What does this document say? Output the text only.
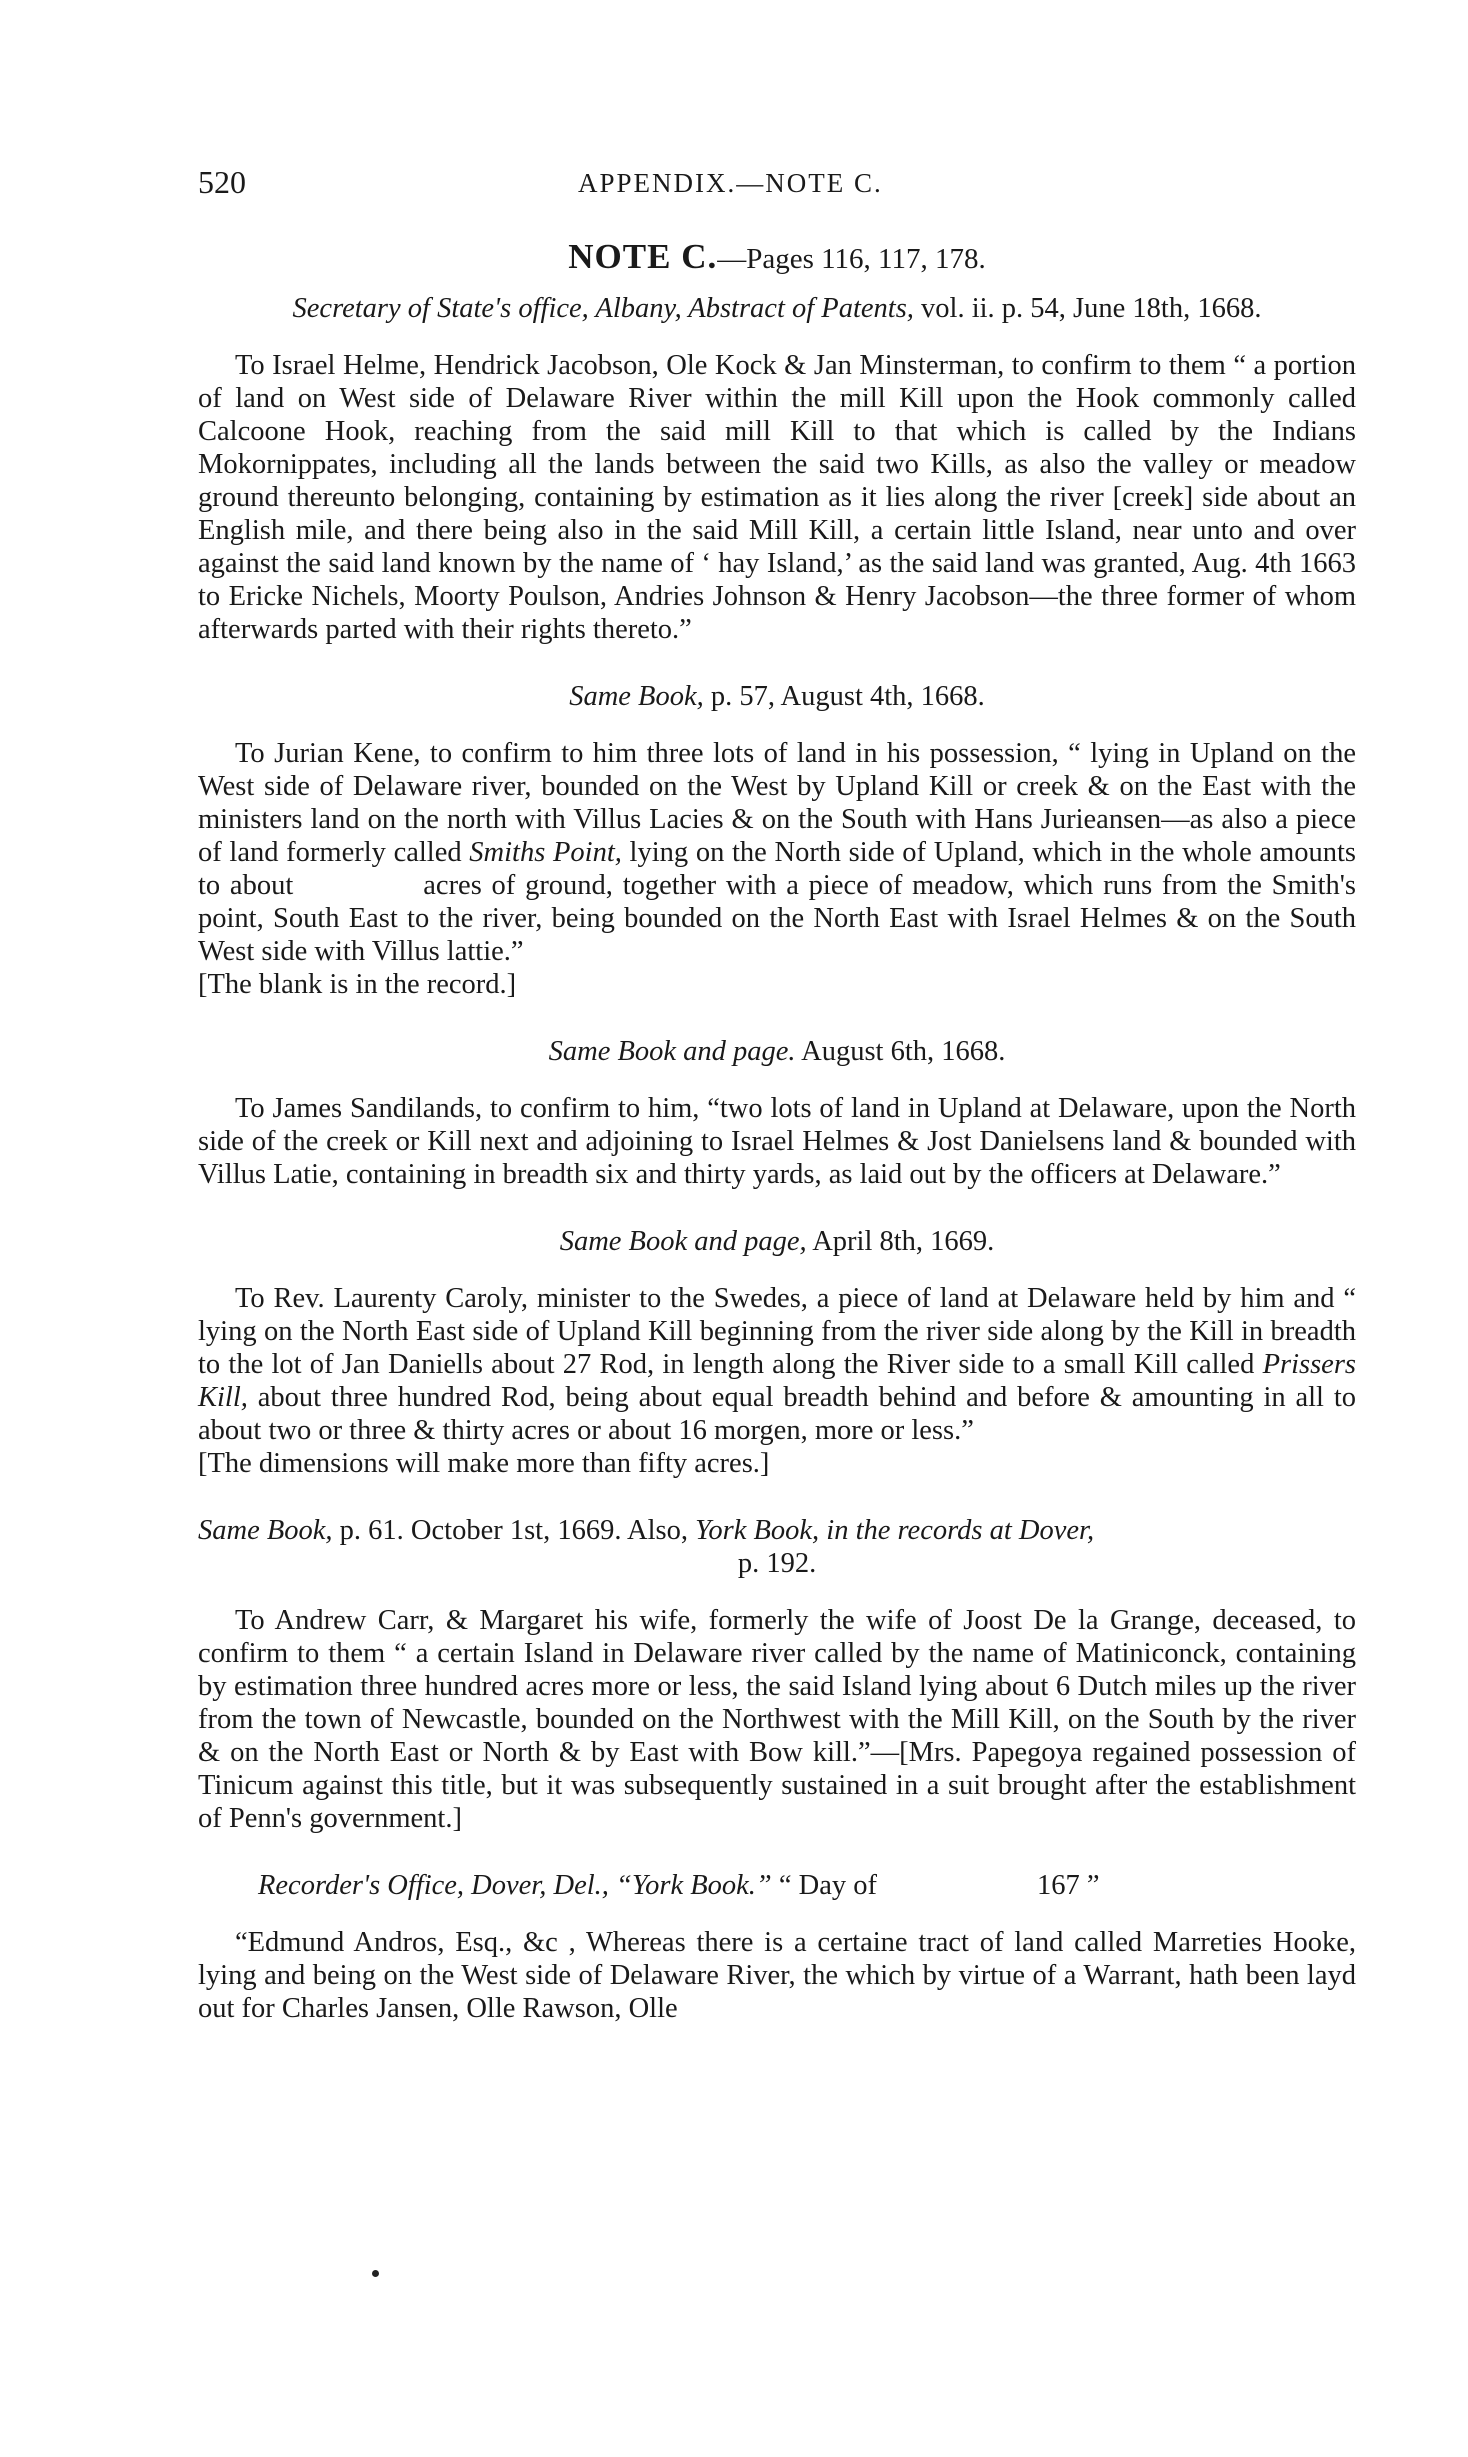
520	APPENDIX.—NOTE C.

NOTE C.—Pages 116, 117, 178.

Secretary of State's office, Albany, Abstract of Patents, vol. ii. p. 54, June 18th, 1668.

To Israel Helme, Hendrick Jacobson, Ole Kock & Jan Minsterman, to confirm to them “ a portion of land on West side of Delaware River within the mill Kill upon the Hook commonly called Calcoone Hook, reaching from the said mill Kill to that which is called by the Indians Mokornippates, including all the lands between the said two Kills, as also the valley or meadow ground thereunto belonging, containing by estimation as it lies along the river [creek] side about an English mile, and there being also in the said Mill Kill, a certain little Island, near unto and over against the said land known by the name of ‘ hay Island,’ as the said land was granted, Aug. 4th 1663 to Ericke Nichels, Moorty Poulson, Andries Johnson & Henry Jacobson—the three former of whom afterwards parted with their rights thereto.”

Same Book, p. 57, August 4th, 1668.

To Jurian Kene, to confirm to him three lots of land in his possession, “ lying in Upland on the West side of Delaware river, bounded on the West by Upland Kill or creek & on the East with the ministers land on the north with Villus Lacies & on the South with Hans Jurieansen—as also a piece of land formerly called Smiths Point, lying on the North side of Upland, which in the whole amounts to about	acres of ground, together with a piece of meadow, which runs from the Smith's point, South East to the river, being bounded on the North East with Israel Helmes & on the South West side with Villus lattie.”

[The blank is in the record.]

Same Book and page. August 6th, 1668.

To James Sandilands, to confirm to him, “two lots of land in Upland at Delaware, upon the North side of the creek or Kill next and adjoining to Israel Helmes & Jost Danielsens land & bounded with Villus Latie, containing in breadth six and thirty yards, as laid out by the officers at Delaware.”

Same Book and page, April 8th, 1669.

To Rev. Laurenty Caroly, minister to the Swedes, a piece of land at Delaware held by him and “ lying on the North East side of Upland Kill beginning from the river side along by the Kill in breadth to the lot of Jan Daniells about 27 Rod, in length along the River side to a small Kill called Prissers Kill, about three hundred Rod, being about equal breadth behind and before & amounting in all to about two or three & thirty acres or about 16 morgen, more or less.”

[The dimensions will make more than fifty acres.]

Same Book, p. 61. October 1st, 1669. Also, York Book, in the records at Dover,

p. 192.

To Andrew Carr, & Margaret his wife, formerly the wife of Joost De la Grange, deceased, to confirm to them “ a certain Island in Delaware river called by the name of Matiniconck, containing by estimation three hundred acres more or less, the said Island lying about 6 Dutch miles up the river from the town of Newcastle, bounded on the Northwest with the Mill Kill, on the South by the river & on the North East or North & by East with Bow kill.”—[Mrs. Papegoya regained possession of Tinicum against this title, but it was subsequently sustained in a suit brought after the establishment of Penn's government.]

Recorder's Office, Dover, Del., “York Book.” “ Day of	167 ”

“Edmund Andros, Esq., &c , Whereas there is a certaine tract of land called Marreties Hooke, lying and being on the West side of Delaware River, the which by virtue of a Warrant, hath been layd out for Charles Jansen, Olle Rawson, Olle
